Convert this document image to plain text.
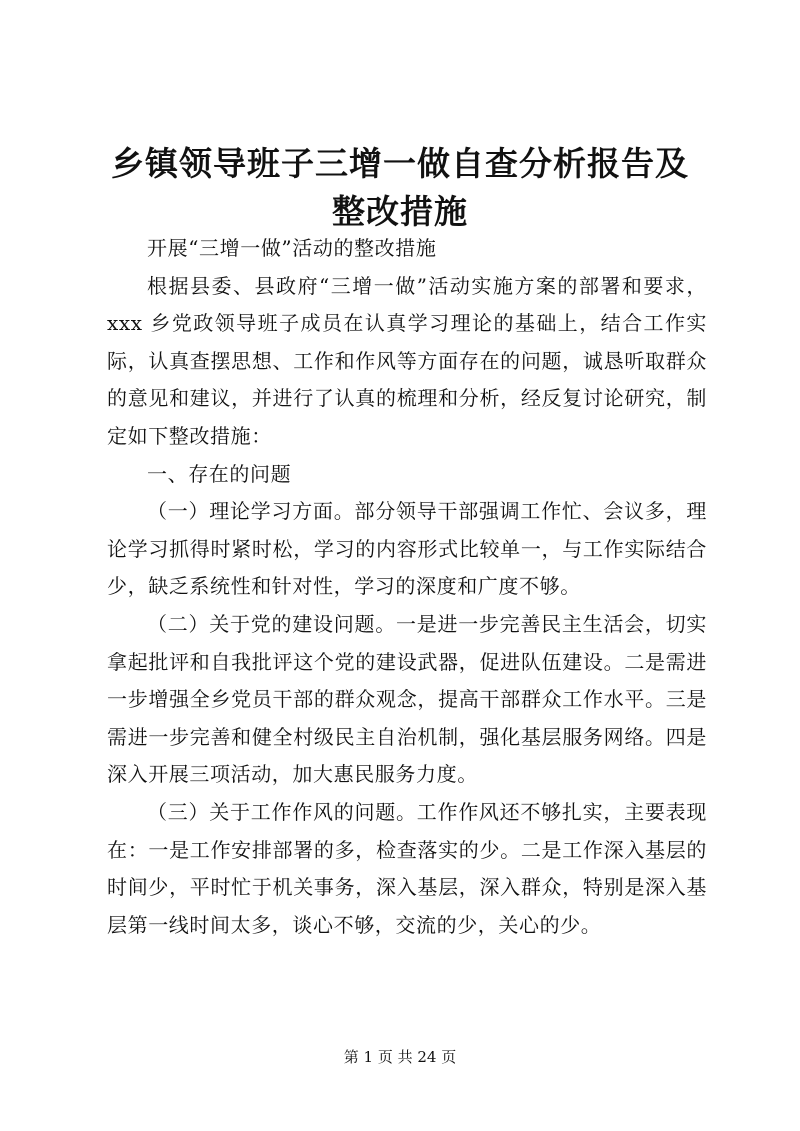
乡镇领导班子三增一做自查分析报告及整改措施

开展“三增一做”活动的整改措施

根据县委、县政府“三增一做”活动实施方案的部署和要求，xxx 乡党政领导班子成员在认真学习理论的基础上，结合工作实际，认真查摆思想、工作和作风等方面存在的问题，诚恳听取群众的意见和建议，并进行了认真的梳理和分析，经反复讨论研究，制定如下整改措施：

一、存在的问题

（一）理论学习方面。部分领导干部强调工作忙、会议多，理论学习抓得时紧时松，学习的内容形式比较单一，与工作实际结合少，缺乏系统性和针对性，学习的深度和广度不够。

（二）关于党的建设问题。一是进一步完善民主生活会，切实拿起批评和自我批评这个党的建设武器，促进队伍建设。二是需进一步增强全乡党员干部的群众观念，提高干部群众工作水平。三是需进一步完善和健全村级民主自治机制，强化基层服务网络。四是深入开展三项活动，加大惠民服务力度。

（三）关于工作作风的问题。工作作风还不够扎实，主要表现在：一是工作安排部署的多，检查落实的少。二是工作深入基层的时间少，平时忙于机关事务，深入基层，深入群众，特别是深入基层第一线时间太多，谈心不够，交流的少，关心的少。

第 1 页 共 24 页
